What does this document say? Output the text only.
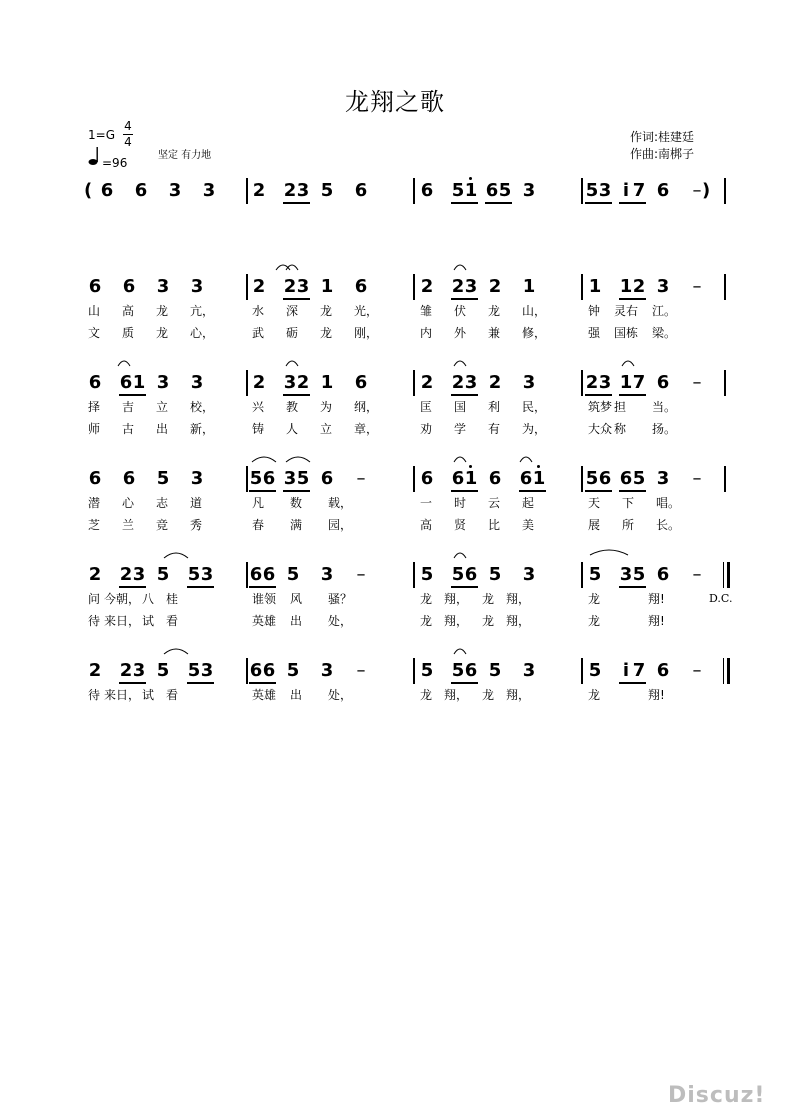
龙翔之歌
1=G
4
4
=96
坚定 有力地
作词:桂建廷
作曲:南梆子
(	)
6 6 3 3 2 2 3 5 6	6 5 1 6 5 3	5 3 i 7 6 –
6 6 3 3	2 2 3 1 6	2 2 3 2 1	1 1 2 3 –
山 高 龙 亢，	水 深 龙 光，	雏 伏 龙 山，	钟 灵右 江。
文 质 龙 心，	武 砺 龙 刚，	内 外 兼 修，	强 国栋 梁。
6 6 1 3 3	2 3 2 1 6	2 2 3 2 3	2 3 1 7 6 –
择 吉 立 校，	兴 教 为 纲，	匡 国 利 民，	筑梦 担 当。
师 古 出 新，	铸 人 立 章，	劝 学 有 为，	大众 称 扬。
6 6 5 3	5 6 3 5 6 –	6 6 1 6 6 1 5 6 6 5 3 –
潜 心 志 道	凡 数 载，	一 时 云 起	天 下 唱。
芝 兰 竞 秀	春 满 园，	高 贤 比 美	展 所 长。
2 2 3 5 5 3 6 6 5 3 –	5 5 6 5 3	5 3 5 6 –
问 今朝， 八 桂	谁领 风 骚？	龙 翔， 龙 翔，	龙	翔!
待 来日， 试 看	英雄 出 处，	龙 翔， 龙 翔，	龙	翔!
2 2 3 5 5 3 6 6 5 3 –	5 5 6 5 3	5 i 7 6 –
待 来日， 试 看	英雄 出 处，	龙 翔， 龙 翔，	龙	翔!
D.C.
Discuz!
